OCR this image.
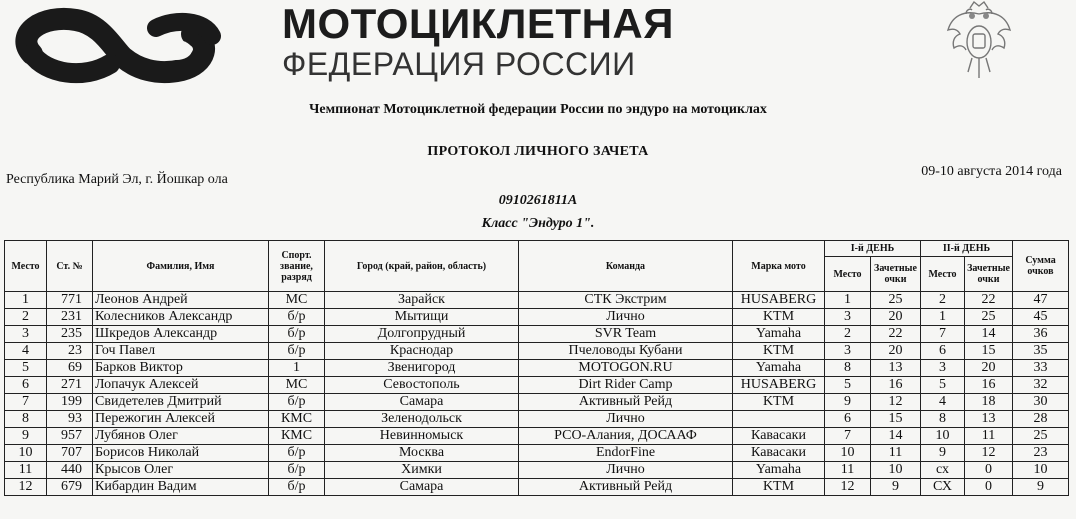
МОТОЦИКЛЕТНАЯ
ФЕДЕРАЦИЯ РОССИИ
Чемпионат Мотоциклетной федерации России по эндуро на мотоциклах
ПРОТОКОЛ ЛИЧНОГО ЗАЧЕТА
Республика Марий Эл, г. Йошкар ола
09-10 августа 2014 года
0910261811А
Класс "Эндуро 1".
Место	Ст. №	Фамилия, Имя	Спорт. звание, разряд	Город (край, район, область)	Команда	Марка мото	I-й ДЕНЬ		II-й ДЕНЬ		Сумма очков
							Место	Зачетные очки	Место	Зачетные очки	
1	771	Леонов Андрей	МС	Зарайск	СТК Экстрим	HUSABERG	1	25	2	22	47
2	231	Колесников Александр	б/р	Мытищи	Лично	KTM	3	20	1	25	45
3	235	Шкредов Александр	б/р	Долгопрудный	SVR Team	Yamaha	2	22	7	14	36
4	23	Гоч Павел	б/р	Краснодар	Пчеловоды Кубани	KTM	3	20	6	15	35
5	69	Барков Виктор	1	Звенигород	MOTOGON.RU	Yamaha	8	13	3	20	33
6	271	Лопачук Алексей	МС	Севостополь	Dirt Rider Camp	HUSABERG	5	16	5	16	32
7	199	Свидетелев Дмитрий	б/р	Самара	Активный Рейд	KTM	9	12	4	18	30
8	93	Пережогин Алексей	КМС	Зеленодольск	Лично		6	15	8	13	28
9	957	Лубянов Олег	КМС	Невинномыск	РСО-Алания, ДОСААФ	Кавасаки	7	14	10	11	25
10	707	Борисов Николай	б/р	Москва	EndorFine	Кавасаки	10	11	9	12	23
11	440	Крысов Олег	б/р	Химки	Лично	Yamaha	11	10	сх	0	10
12	679	Кибардин Вадим	б/р	Самара	Активный Рейд	KTM	12	9	СХ	0	9
